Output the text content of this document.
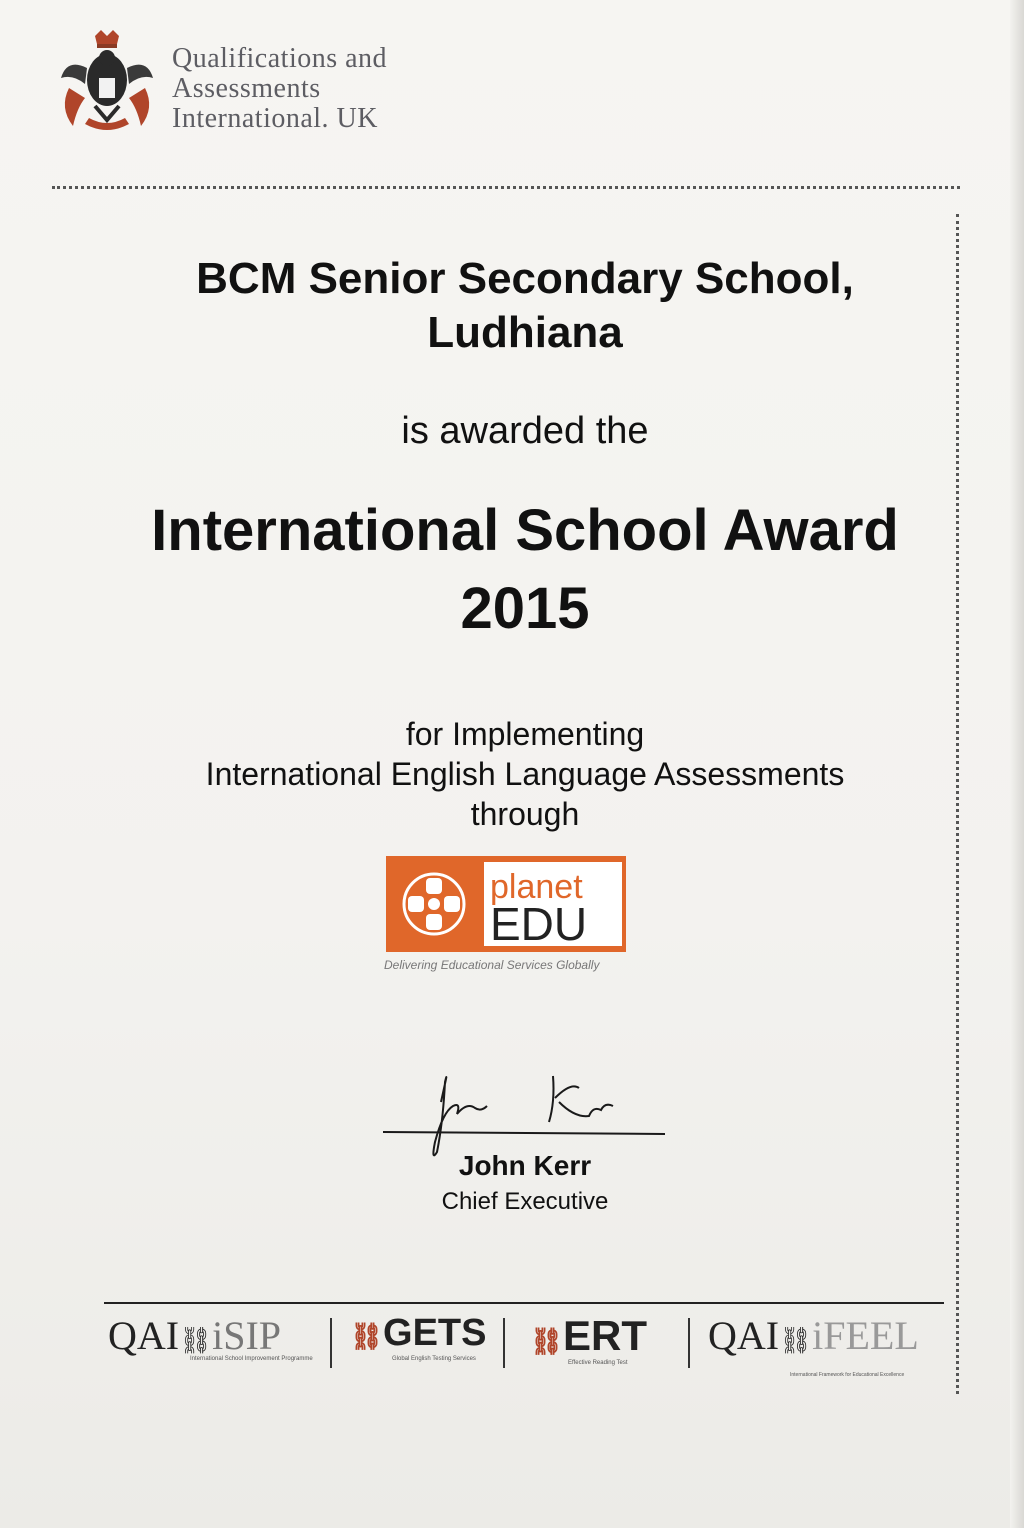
Qualifications and
Assessments
International. UK
BCM Senior Secondary School,
Ludhiana
is awarded the
International School Award
2015
for Implementing
International English Language Assessments
through
planet
EDU
Delivering Educational Services Globally
John Kerr
Chief Executive
QAI⛓iSIP
International School Improvement Programme
⛓GETS
Global English Testing Services
⛓ERT
Effective Reading Test
QAI⛓iFEEL
International Framework for Educational Excellence
